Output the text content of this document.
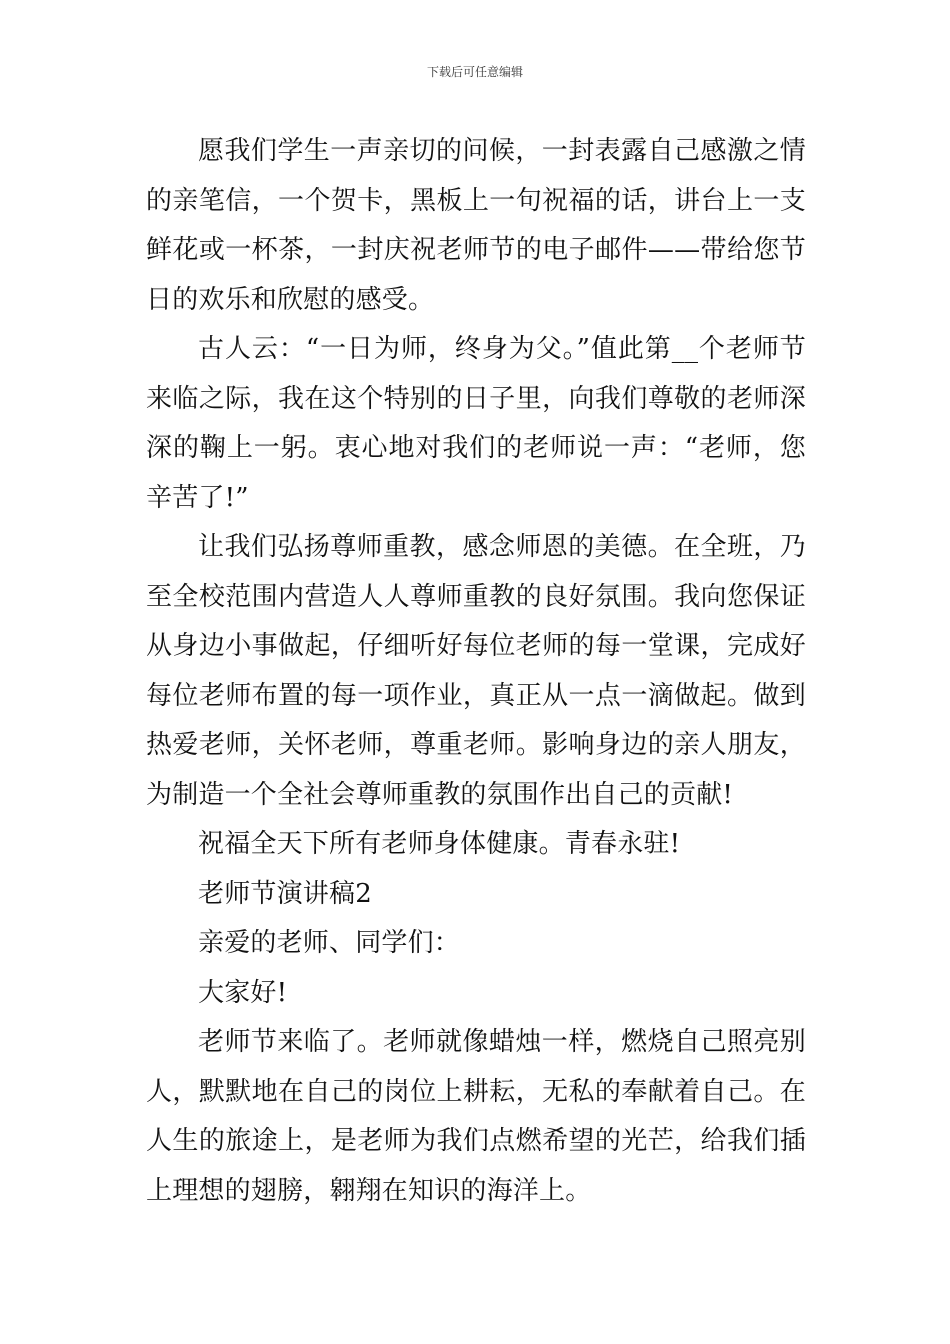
下载后可任意编辑

愿我们学生一声亲切的问候，一封表露自己感激之情的亲笔信，一个贺卡，黑板上一句祝福的话，讲台上一支鲜花或一杯茶，一封庆祝老师节的电子邮件——带给您节日的欢乐和欣慰的感受。

古人云：“一日为师，终身为父。”值此第__个老师节来临之际，我在这个特别的日子里，向我们尊敬的老师深深的鞠上一躬。衷心地对我们的老师说一声：“老师，您辛苦了!”

让我们弘扬尊师重教，感念师恩的美德。在全班，乃至全校范围内营造人人尊师重教的良好氛围。我向您保证从身边小事做起，仔细听好每位老师的每一堂课，完成好每位老师布置的每一项作业，真正从一点一滴做起。做到热爱老师，关怀老师，尊重老师。影响身边的亲人朋友，为制造一个全社会尊师重教的氛围作出自己的贡献!

祝福全天下所有老师身体健康。青春永驻!

老师节演讲稿2

亲爱的老师、同学们：

大家好!

老师节来临了。老师就像蜡烛一样，燃烧自己照亮别人，默默地在自己的岗位上耕耘，无私的奉献着自己。在人生的旅途上，是老师为我们点燃希望的光芒，给我们插上理想的翅膀，翱翔在知识的海洋上。
